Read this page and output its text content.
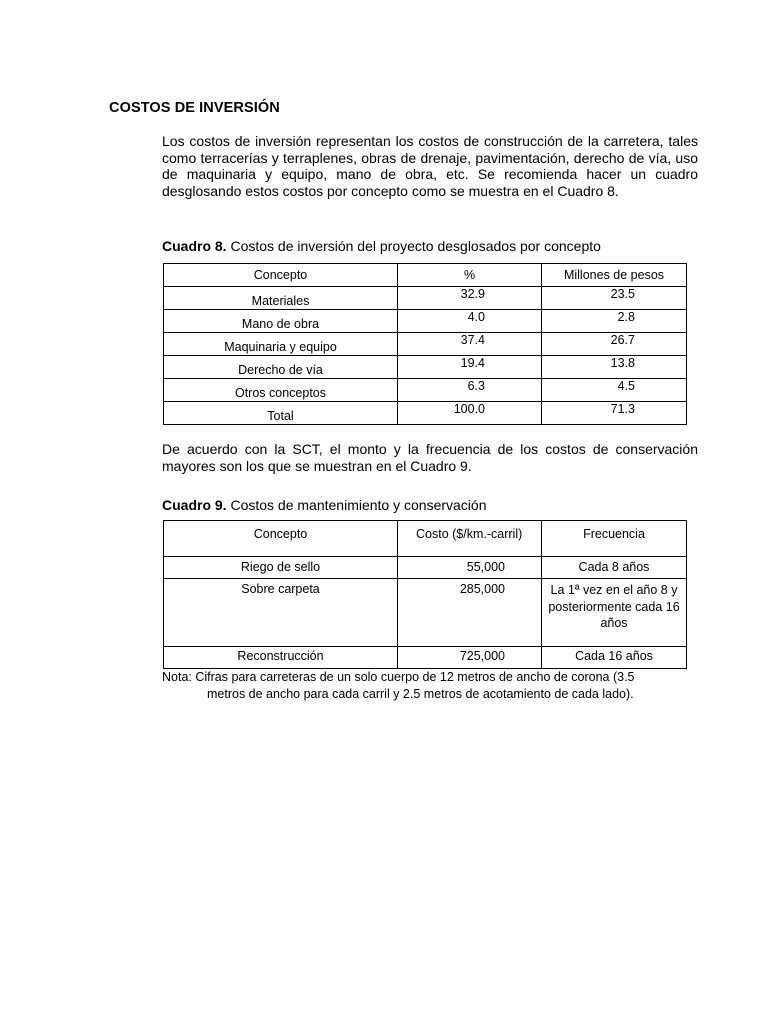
COSTOS DE INVERSIÓN
Los costos de inversión representan los costos de construcción de la carretera, tales como terracerías y terraplenes, obras de drenaje, pavimentación, derecho de vía, uso de maquinaria y equipo, mano de obra, etc. Se recomienda hacer un cuadro desglosando estos costos por concepto como se muestra en el Cuadro 8.
Cuadro 8. Costos de inversión del proyecto desglosados por concepto
Concepto	%	Millones de pesos
Materiales	32.9	23.5

Mano de obra	4.0	2.8

Maquinaria y equipo	37.4	26.7

Derecho de vía	19.4	13.8

Otros conceptos	6.3	4.5

Total	100.0	71.3
De acuerdo con la SCT, el monto y la frecuencia de los costos de conservación mayores son los que se muestran en el Cuadro 9.
Cuadro 9. Costos de mantenimiento y conservación
Concepto	Costo ($/km.-carril)	Frecuencia
Riego de sello	55,000	Cada 8 años
Sobre carpeta	285,000	La 1ª vez en el año 8 y posteriormente cada 16 años
Reconstrucción	725,000	Cada 16 años
Nota: Cifras para carreteras de un solo cuerpo de 12 metros de ancho de corona (3.5
metros de ancho para cada carril y 2.5 metros de acotamiento de cada lado).
